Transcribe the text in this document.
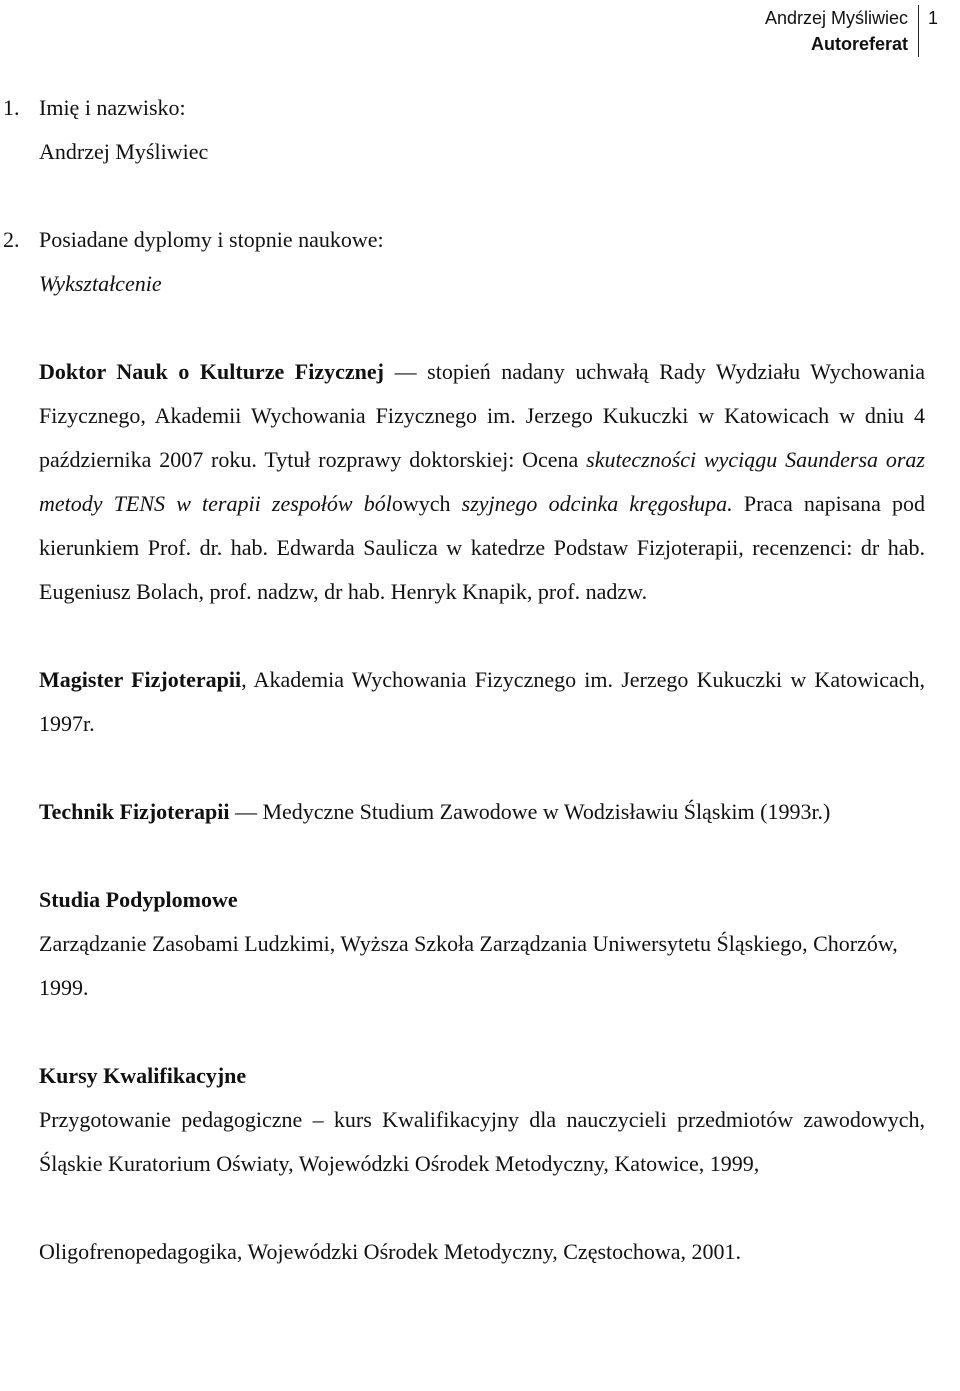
Andrzej Myśliwiec
Autoreferat
1

1. Imię i nazwisko:

Andrzej Myśliwiec

2. Posiadane dyplomy i stopnie naukowe:

Wykształcenie

Doktor Nauk o Kulturze Fizycznej — stopień nadany uchwałą Rady Wydziału Wychowania Fizycznego, Akademii Wychowania Fizycznego im. Jerzego Kukuczki w Katowicach w dniu 4 października 2007 roku. Tytuł rozprawy doktorskiej: Ocena skuteczności wyciągu Saundersa oraz metody TENS w terapii zespołów bólowych szyjnego odcinka kręgosłupa. Praca napisana pod kierunkiem Prof. dr. hab. Edwarda Saulicza w katedrze Podstaw Fizjoterapii, recenzenci: dr hab. Eugeniusz Bolach, prof. nadzw, dr hab. Henryk Knapik, prof. nadzw.

Magister Fizjoterapii, Akademia Wychowania Fizycznego im. Jerzego Kukuczki w Katowicach, 1997r.

Technik Fizjoterapii — Medyczne Studium Zawodowe w Wodzisławiu Śląskim (1993r.)

Studia Podyplomowe

Zarządzanie Zasobami Ludzkimi, Wyższa Szkoła Zarządzania Uniwersytetu Śląskiego, Chorzów, 1999.

Kursy Kwalifikacyjne

Przygotowanie pedagogiczne – kurs Kwalifikacyjny dla nauczycieli przedmiotów zawodowych, Śląskie Kuratorium Oświaty, Wojewódzki Ośrodek Metodyczny, Katowice, 1999,

Oligofrenopedagogika, Wojewódzki Ośrodek Metodyczny, Częstochowa, 2001.
